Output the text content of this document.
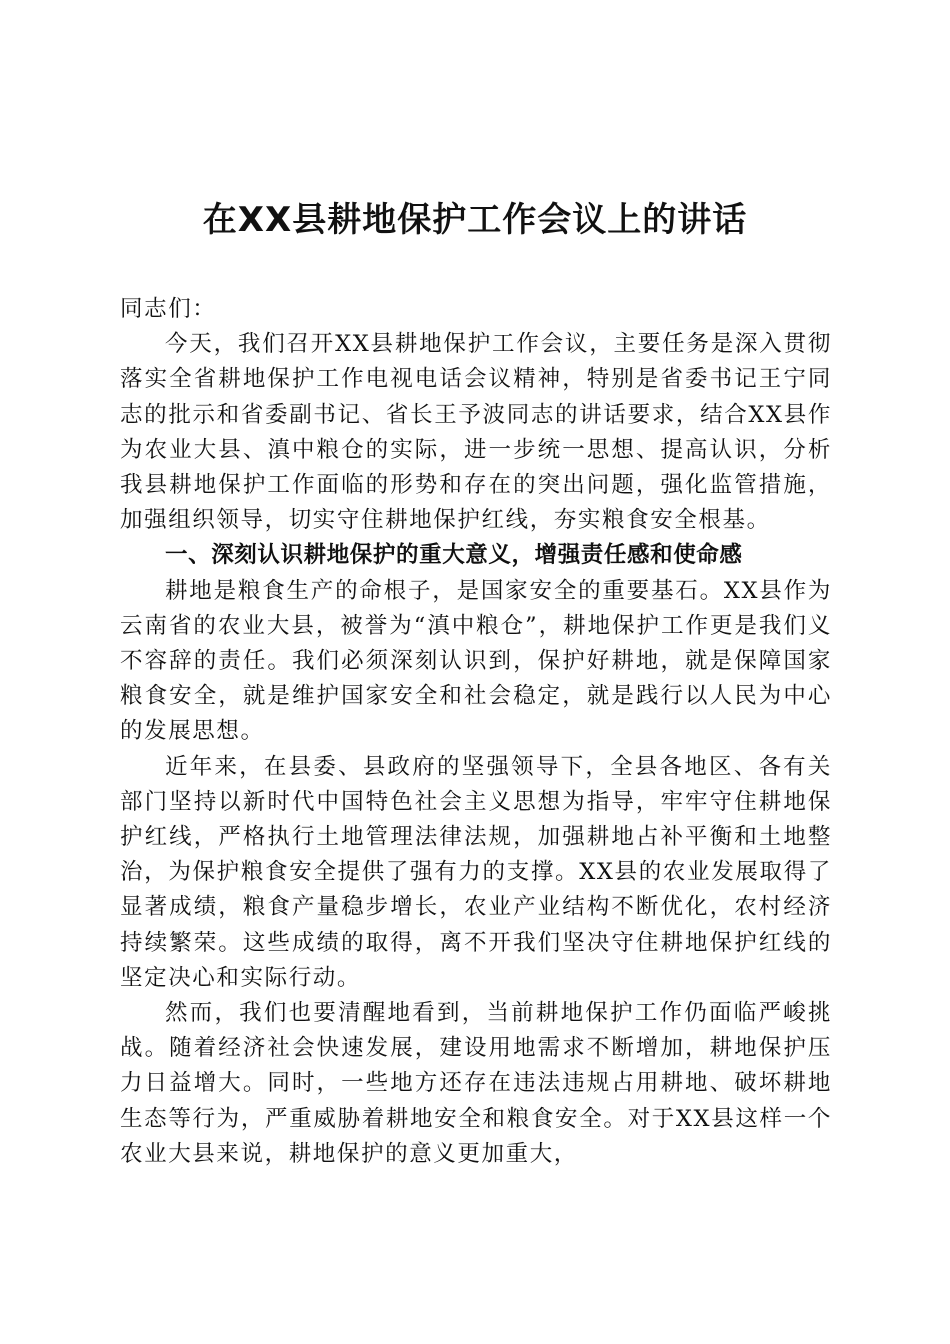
在XX县耕地保护工作会议上的讲话

同志们：

今天，我们召开XX县耕地保护工作会议，主要任务是深入贯彻落实全省耕地保护工作电视电话会议精神，特别是省委书记王宁同志的批示和省委副书记、省长王予波同志的讲话要求，结合XX县作为农业大县、滇中粮仓的实际，进一步统一思想、提高认识，分析我县耕地保护工作面临的形势和存在的突出问题，强化监管措施，加强组织领导，切实守住耕地保护红线，夯实粮食安全根基。

一、深刻认识耕地保护的重大意义，增强责任感和使命感

耕地是粮食生产的命根子，是国家安全的重要基石。XX县作为云南省的农业大县，被誉为“滇中粮仓”，耕地保护工作更是我们义不容辞的责任。我们必须深刻认识到，保护好耕地，就是保障国家粮食安全，就是维护国家安全和社会稳定，就是践行以人民为中心的发展思想。

近年来，在县委、县政府的坚强领导下，全县各地区、各有关部门坚持以新时代中国特色社会主义思想为指导，牢牢守住耕地保护红线，严格执行土地管理法律法规，加强耕地占补平衡和土地整治，为保护粮食安全提供了强有力的支撑。XX县的农业发展取得了显著成绩，粮食产量稳步增长，农业产业结构不断优化，农村经济持续繁荣。这些成绩的取得，离不开我们坚决守住耕地保护红线的坚定决心和实际行动。

然而，我们也要清醒地看到，当前耕地保护工作仍面临严峻挑战。随着经济社会快速发展，建设用地需求不断增加，耕地保护压力日益增大。同时，一些地方还存在违法违规占用耕地、破坏耕地生态等行为，严重威胁着耕地安全和粮食安全。对于XX县这样一个农业大县来说，耕地保护的意义更加重大，
